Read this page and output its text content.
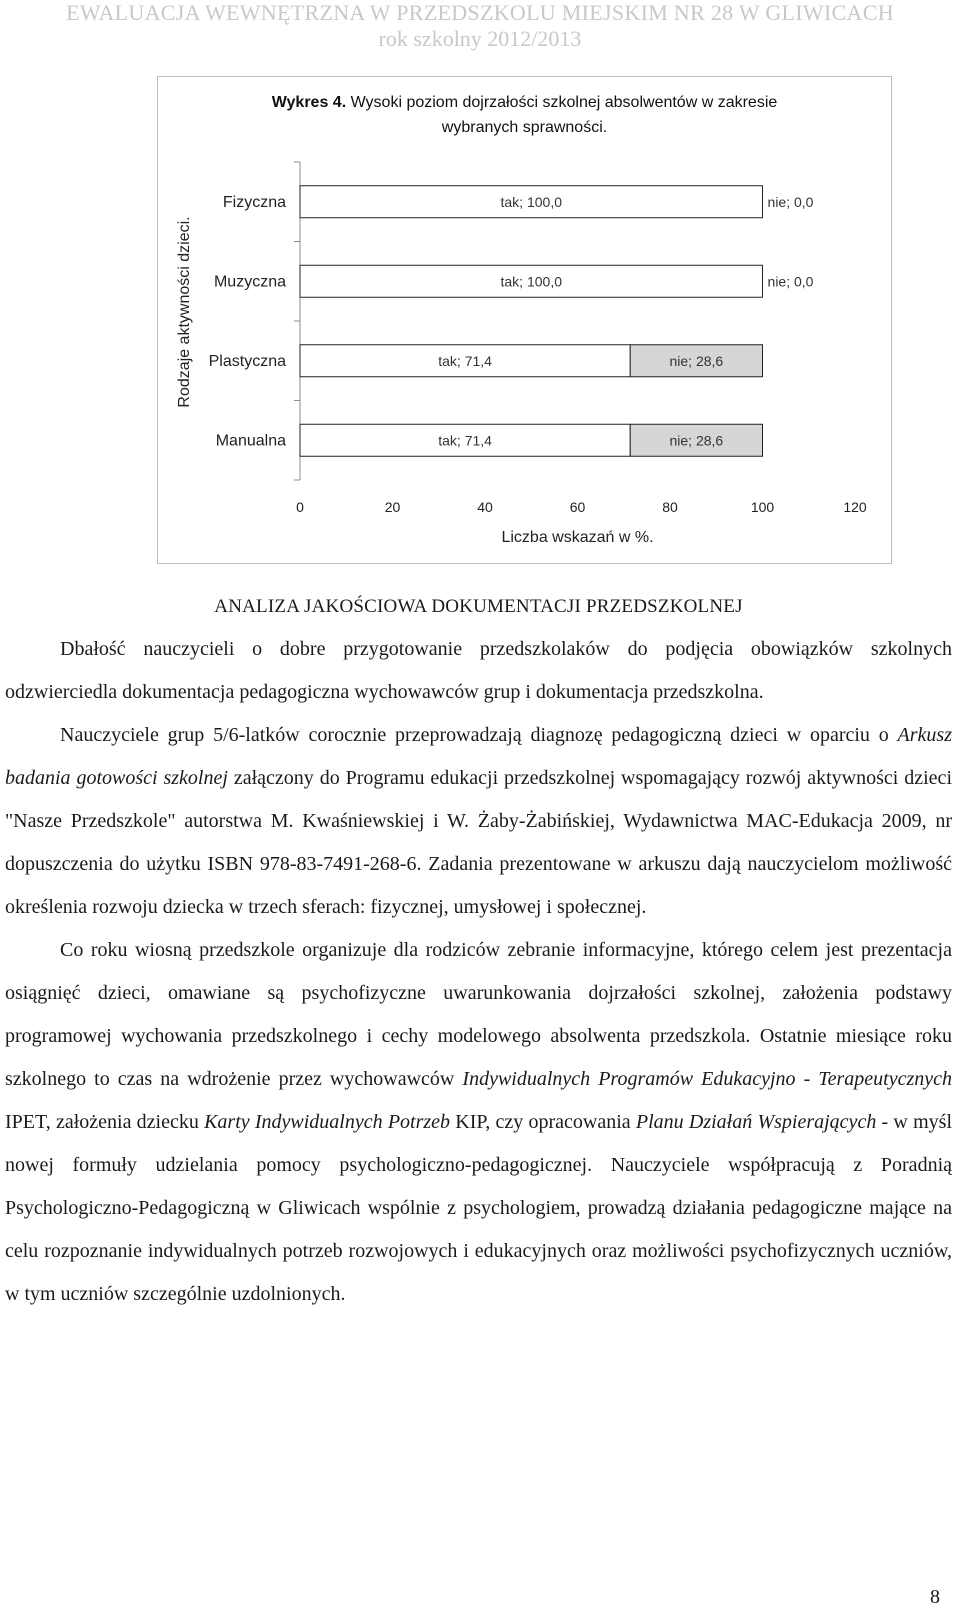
EWALUACJA WEWNĘTRZNA W PRZEDSZKOLU MIEJSKIM NR 28 W GLIWICACH
rok szkolny 2012/2013
Wykres 4. Wysoki poziom dojrzałości szkolnej absolwentów w zakresie
wybranych sprawności.
tak; 100,0	nie; 0,0
Fizyczna
tak; 100,0	nie; 0,0
Muzyczna
tak; 71,4	nie; 28,6
Plastyczna
tak; 71,4	nie; 28,6
Manualna
0	20	40	60	80	100	120
Liczba wskazań w %.
Rodzaje aktywności dzieci.
ANALIZA JAKOŚCIOWA DOKUMENTACJI PRZEDSZKOLNEJ

Dbałość nauczycieli o dobre przygotowanie przedszkolaków do podjęcia obowiązków szkolnych odzwierciedla dokumentacja pedagogiczna wychowawców grup i dokumentacja przedszkolna.

Nauczyciele grup 5/6-latków corocznie przeprowadzają diagnozę pedagogiczną dzieci w oparciu o Arkusz badania gotowości szkolnej załączony do Programu edukacji przedszkolnej wspomagający rozwój aktywności dzieci "Nasze Przedszkole" autorstwa M. Kwaśniewskiej i W. Żaby-Żabińskiej, Wydawnictwa MAC-Edukacja 2009, nr dopuszczenia do użytku ISBN 978-83-7491-268-6. Zadania prezentowane w arkuszu dają nauczycielom możliwość określenia rozwoju dziecka w trzech sferach: fizycznej, umysłowej i społecznej.

Co roku wiosną przedszkole organizuje dla rodziców zebranie informacyjne, którego celem jest prezentacja osiągnięć dzieci, omawiane są psychofizyczne uwarunkowania dojrzałości szkolnej, założenia podstawy programowej wychowania przedszkolnego i cechy modelowego absolwenta przedszkola. Ostatnie miesiące roku szkolnego to czas na wdrożenie przez wychowawców Indywidualnych Programów Edukacyjno - Terapeutycznych IPET, założenia dziecku Karty Indywidualnych Potrzeb KIP, czy opracowania Planu Działań Wspierających - w myśl nowej formuły udzielania pomocy psychologiczno-pedagogicznej. Nauczyciele współpracują z Poradnią Psychologiczno-Pedagogiczną w Gliwicach wspólnie z psychologiem, prowadzą działania pedagogiczne mające na celu rozpoznanie indywidualnych potrzeb rozwojowych i edukacyjnych oraz możliwości psychofizycznych uczniów, w tym uczniów szczególnie uzdolnionych.

8
